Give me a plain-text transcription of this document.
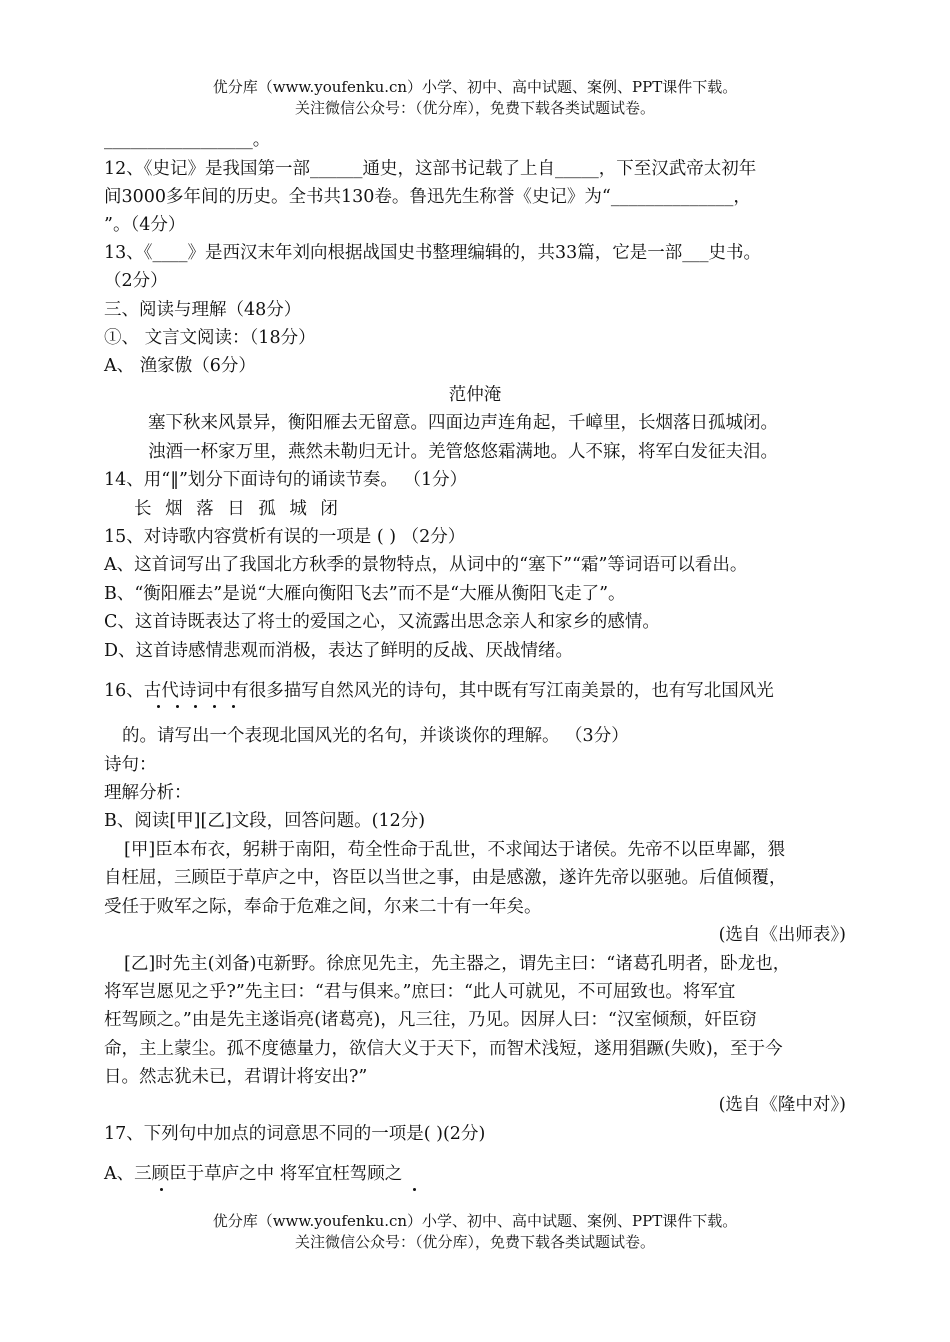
优分库（www.youfenku.cn）小学、初中、高中试题、案例、PPT课件下载。
关注微信公众号：（优分库），免费下载各类试题试卷。
_________________。
12、《史记》是我国第一部______通史，这部书记载了上自_____，下至汉武帝太初年
间3000多年间的历史。全书共130卷。鲁迅先生称誉《史记》为“______________，
”。（4分）
13、《____》是西汉末年刘向根据战国史书整理编辑的，共33篇，它是一部___史书。
（2分）
三、阅读与理解（48分）
①、 文言文阅读：（18分）
A、 渔家傲（6分）
范仲淹
塞下秋来风景异，衡阳雁去无留意。四面边声连角起，千嶂里，长烟落日孤城闭。
浊酒一杯家万里，燕然未勒归无计。羌管悠悠霜满地。人不寐，将军白发征夫泪。
14、用“‖”划分下面诗句的诵读节奏。 （1分）
长 烟 落 日 孤 城 闭
15、对诗歌内容赏析有误的一项是 ( ) （2分）
A、这首词写出了我国北方秋季的景物特点，从词中的“塞下”“霜”等词语可以看出。
B、“衡阳雁去”是说“大雁向衡阳飞去”而不是“大雁从衡阳飞走了”。
C、这首诗既表达了将士的爱国之心，又流露出思念亲人和家乡的感情。
D、这首诗感情悲观而消极，表达了鲜明的反战、厌战情绪。
16、古代诗词中有很多描写自然风光的诗句，其中既有写江南美景的，也有写北国风光
的。请写出一个表现北国风光的名句，并谈谈你的理解。 （3分）
诗句：
理解分析：
B、阅读[甲][乙]文段，回答问题。(12分)
[甲]臣本布衣，躬耕于南阳，苟全性命于乱世，不求闻达于诸侯。先帝不以臣卑鄙，猥
自枉屈，三顾臣于草庐之中，咨臣以当世之事，由是感激，遂许先帝以驱驰。后值倾覆，
受任于败军之际，奉命于危难之间，尔来二十有一年矣。
(选自《出师表》)
[乙]时先主(刘备)屯新野。徐庶见先主，先主器之，谓先主曰：“诸葛孔明者，卧龙也，
将军岂愿见之乎?”先主曰：“君与俱来。”庶曰：“此人可就见，不可屈致也。将军宜
枉驾顾之。”由是先主遂诣亮(诸葛亮)，凡三往，乃见。因屏人曰：“汉室倾颓，奸臣窃
命，主上蒙尘。孤不度德量力，欲信大义于天下，而智术浅短，遂用猖蹶(失败)，至于今
日。然志犹未已，君谓计将安出?”
(选自《隆中对》)
17、下列句中加点的词意思不同的一项是( )(2分)
A、三顾臣于草庐之中 将军宜枉驾顾之
优分库（www.youfenku.cn）小学、初中、高中试题、案例、PPT课件下载。
关注微信公众号：（优分库），免费下载各类试题试卷。
